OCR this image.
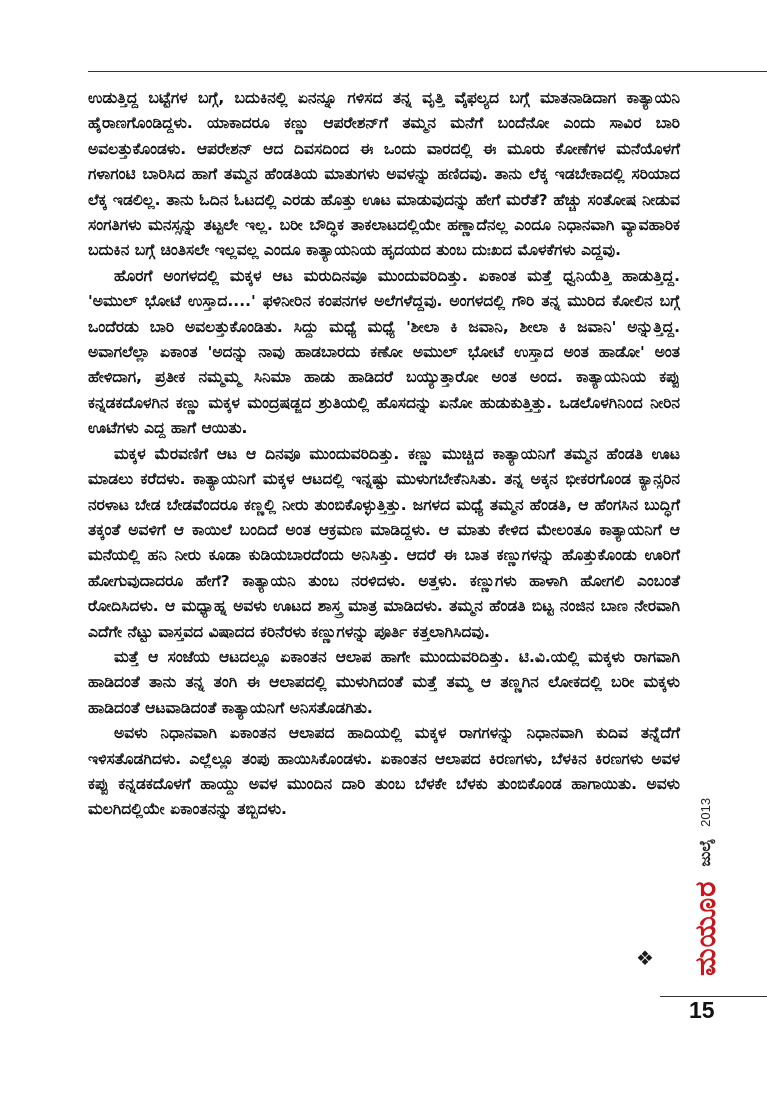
ಉಡುತ್ತಿದ್ದ ಬಟ್ಟೆಗಳ ಬಗ್ಗೆ, ಬದುಕಿನಲ್ಲಿ ಏನನ್ನೂ ಗಳಿಸದ ತನ್ನ ವೃತ್ತಿ ವೈಫಲ್ಯದ ಬಗ್ಗೆ ಮಾತನಾಡಿದಾಗ ಕಾತ್ಯಾಯನಿ ಹೈರಾಣಗೊಂಡಿದ್ದಳು. ಯಾಕಾದರೂ ಕಣ್ಣು ಆಪರೇಶನ್‌ಗೆ ತಮ್ಮನ ಮನೆಗೆ ಬಂದೆನೋ ಎಂದು ಸಾವಿರ ಬಾರಿ ಅವಲತ್ತುಕೊಂಡಳು. ಆಪರೇಶನ್ ಆದ ದಿವಸದಿಂದ ಈ ಒಂದು ವಾರದಲ್ಲಿ ಈ ಮೂರು ಕೋಣೆಗಳ ಮನೆಯೊಳಗೆ ಗಳಾಗಂಟಿ ಬಾರಿಸಿದ ಹಾಗೆ ತಮ್ಮನ ಹೆಂಡತಿಯ ಮಾತುಗಳು ಅವಳನ್ನು ಹಣಿದವು. ತಾನು ಲೆಕ್ಕ ಇಡಬೇಕಾದಲ್ಲಿ ಸರಿಯಾದ ಲೆಕ್ಕ ಇಡಲಿಲ್ಲ. ತಾನು ಓದಿನ ಓಟದಲ್ಲಿ ಎರಡು ಹೊತ್ತು ಊಟ ಮಾಡುವುದನ್ನು ಹೇಗೆ ಮರೆತೆ? ಹೆಚ್ಚು ಸಂತೋಷ ನೀಡುವ ಸಂಗತಿಗಳು ಮನಸ್ಸನ್ನು ತಟ್ಟಲೇ ಇಲ್ಲ. ಬರೀ ಬೌದ್ಧಿಕ ತಾಕಲಾಟದಲ್ಲಿಯೇ ಹಣ್ಣಾದೆನಲ್ಲ ಎಂದೂ ನಿಧಾನವಾಗಿ ವ್ಯಾವಹಾರಿಕ ಬದುಕಿನ ಬಗ್ಗೆ ಚಿಂತಿಸಲೇ ಇಲ್ಲವಲ್ಲ ಎಂದೂ ಕಾತ್ಯಾಯನಿಯ ಹೃದಯದ ತುಂಬ ದುಃಖದ ಮೊಳಕೆಗಳು ಎದ್ದವು.

ಹೊರಗೆ ಅಂಗಳದಲ್ಲಿ ಮಕ್ಕಳ ಆಟ ಮರುದಿನವೂ ಮುಂದುವರಿದಿತ್ತು. ಏಕಾಂತ ಮತ್ತೆ ಧ್ವನಿಯೆತ್ತಿ ಹಾಡುತ್ತಿದ್ದ. 'ಅಮುಲ್ ಭೋಟೆ ಉಸ್ತಾದ....' ಫಳಿನೀರಿನ ಕಂಪನಗಳ ಅಲೆಗಳೆದ್ದವು. ಅಂಗಳದಲ್ಲಿ ಗೌರಿ ತನ್ನ ಮುರಿದ ಕೋಲಿನ ಬಗ್ಗೆ ಒಂದೆರಡು ಬಾರಿ ಅವಲತ್ತುಕೊಂಡಿತು. ಸಿದ್ದು ಮಧ್ಯೆ ಮಧ್ಯೆ 'ಶೀಲಾ ಕಿ ಜವಾನಿ, ಶೀಲಾ ಕಿ ಜವಾನಿ' ಅನ್ನುತ್ತಿದ್ದ. ಅವಾಗಲೆಲ್ಲಾ ಏಕಾಂತ 'ಅದನ್ನು ನಾವು ಹಾಡಬಾರದು ಕಣೋ ಅಮುಲ್ ಭೋಟೆ ಉಸ್ತಾದ ಅಂತ ಹಾಡೋ' ಅಂತ ಹೇಳಿದಾಗ, ಪ್ರತೀಕ ನಮ್ಮಮ್ಮ ಸಿನಿಮಾ ಹಾಡು ಹಾಡಿದರೆ ಬಯ್ಯುತ್ತಾರೋ ಅಂತ ಅಂದ. ಕಾತ್ಯಾಯನಿಯ ಕಪ್ಪು ಕನ್ನಡಕದೊಳಗಿನ ಕಣ್ಣು ಮಕ್ಕಳ ಮಂದ್ರಷಡ್ಜದ ಶ್ರುತಿಯಲ್ಲಿ ಹೊಸದನ್ನು ಏನೋ ಹುಡುಕುತ್ತಿತ್ತು. ಒಡಲೊಳಗಿನಿಂದ ನೀರಿನ ಊಟೆಗಳು ಎದ್ದ ಹಾಗೆ ಆಯಿತು.

ಮಕ್ಕಳ ಮೆರವಣಿಗೆ ಆಟ ಆ ದಿನವೂ ಮುಂದುವರಿದಿತ್ತು. ಕಣ್ಣು ಮುಚ್ಚಿದ ಕಾತ್ಯಾಯನಿಗೆ ತಮ್ಮನ ಹೆಂಡತಿ ಊಟ ಮಾಡಲು ಕರೆದಳು. ಕಾತ್ಯಾಯನಿಗೆ ಮಕ್ಕಳ ಆಟದಲ್ಲಿ ಇನ್ನಷ್ಟು ಮುಳುಗಬೇಕೆನಿಸಿತು. ತನ್ನ ಅಕ್ಕನ ಭೀಕರಗೊಂಡ ಕ್ಯಾನ್ಸರಿನ ನರಳಾಟ ಬೇಡ ಬೇಡವೆಂದರೂ ಕಣ್ಣಲ್ಲಿ ನೀರು ತುಂಬಿಕೊಳ್ಳುತ್ತಿತ್ತು. ಜಗಳದ ಮಧ್ಯೆ ತಮ್ಮನ ಹೆಂಡತಿ, ಆ ಹೆಂಗಸಿನ ಬುದ್ಧಿಗೆ ತಕ್ಕಂತೆ ಅವಳಿಗೆ ಆ ಕಾಯಿಲೆ ಬಂದಿದೆ ಅಂತ ಆಕ್ರಮಣ ಮಾಡಿದ್ದಳು. ಆ ಮಾತು ಕೇಳಿದ ಮೇಲಂತೂ ಕಾತ್ಯಾಯನಿಗೆ ಆ ಮನೆಯಲ್ಲಿ ಹನಿ ನೀರು ಕೂಡಾ ಕುಡಿಯಬಾರದೆಂದು ಅನಿಸಿತ್ತು. ಆದರೆ ಈ ಬಾತ ಕಣ್ಣುಗಳನ್ನು ಹೊತ್ತುಕೊಂಡು ಊರಿಗೆ ಹೋಗುವುದಾದರೂ ಹೇಗೆ? ಕಾತ್ಯಾಯನಿ ತುಂಬ ನರಳಿದಳು. ಅತ್ತಳು. ಕಣ್ಣುಗಳು ಹಾಳಾಗಿ ಹೋಗಲಿ ಎಂಬಂತೆ ರೋದಿಸಿದಳು. ಆ ಮಧ್ಯಾಹ್ನ ಅವಳು ಊಟದ ಶಾಸ್ತ್ರ ಮಾತ್ರ ಮಾಡಿದಳು. ತಮ್ಮನ ಹೆಂಡತಿ ಬಿಟ್ಟ ನಂಜಿನ ಬಾಣ ನೇರವಾಗಿ ಎದೆಗೇ ನೆಟ್ಟು ವಾಸ್ತವದ ವಿಷಾದದ ಕರಿನೆರಳು ಕಣ್ಣುಗಳನ್ನು ಪೂರ್ತಿ ಕತ್ತಲಾಗಿಸಿದವು.

ಮತ್ತೆ ಆ ಸಂಜೆಯ ಆಟದಲ್ಲೂ ಏಕಾಂತನ ಆಲಾಪ ಹಾಗೇ ಮುಂದುವರಿದಿತ್ತು. ಟಿ.ವಿ.ಯಲ್ಲಿ ಮಕ್ಕಳು ರಾಗವಾಗಿ ಹಾಡಿದಂತೆ ತಾನು ತನ್ನ ತಂಗಿ ಈ ಆಲಾಪದಲ್ಲಿ ಮುಳುಗಿದಂತೆ ಮತ್ತೆ ತಮ್ಮ ಆ ತಣ್ಣಗಿನ ಲೋಕದಲ್ಲಿ ಬರೀ ಮಕ್ಕಳು ಹಾಡಿದಂತೆ ಆಟವಾಡಿದಂತೆ ಕಾತ್ಯಾಯನಿಗೆ ಅನಿಸತೊಡಗಿತು.

ಅವಳು ನಿಧಾನವಾಗಿ ಏಕಾಂತನ ಆಲಾಪದ ಹಾದಿಯಲ್ಲಿ ಮಕ್ಕಳ ರಾಗಗಳನ್ನು ನಿಧಾನವಾಗಿ ಕುದಿವ ತನ್ನೆದೆಗೆ ಇಳಿಸತೊಡಗಿದಳು. ಎಲ್ಲೆಲ್ಲೂ ತಂಪು ಹಾಯಿಸಿಕೊಂಡಳು. ಏಕಾಂತನ ಆಲಾಪದ ಕಿರಣಗಳು, ಬೆಳಕಿನ ಕಿರಣಗಳು ಅವಳ ಕಪ್ಪು ಕನ್ನಡಕದೊಳಗೆ ಹಾಯ್ದು ಅವಳ ಮುಂದಿನ ದಾರಿ ತುಂಬ ಬೆಳಕೇ ಬೆಳಕು ತುಂಬಿಕೊಂಡ ಹಾಗಾಯಿತು. ಅವಳು ಮಲಗಿದಲ್ಲಿಯೇ ಏಕಾಂತನನ್ನು ತಬ್ಬಿದಳು.

❖ ಮಯೂರ
ಜುಲೈ
2013
15
